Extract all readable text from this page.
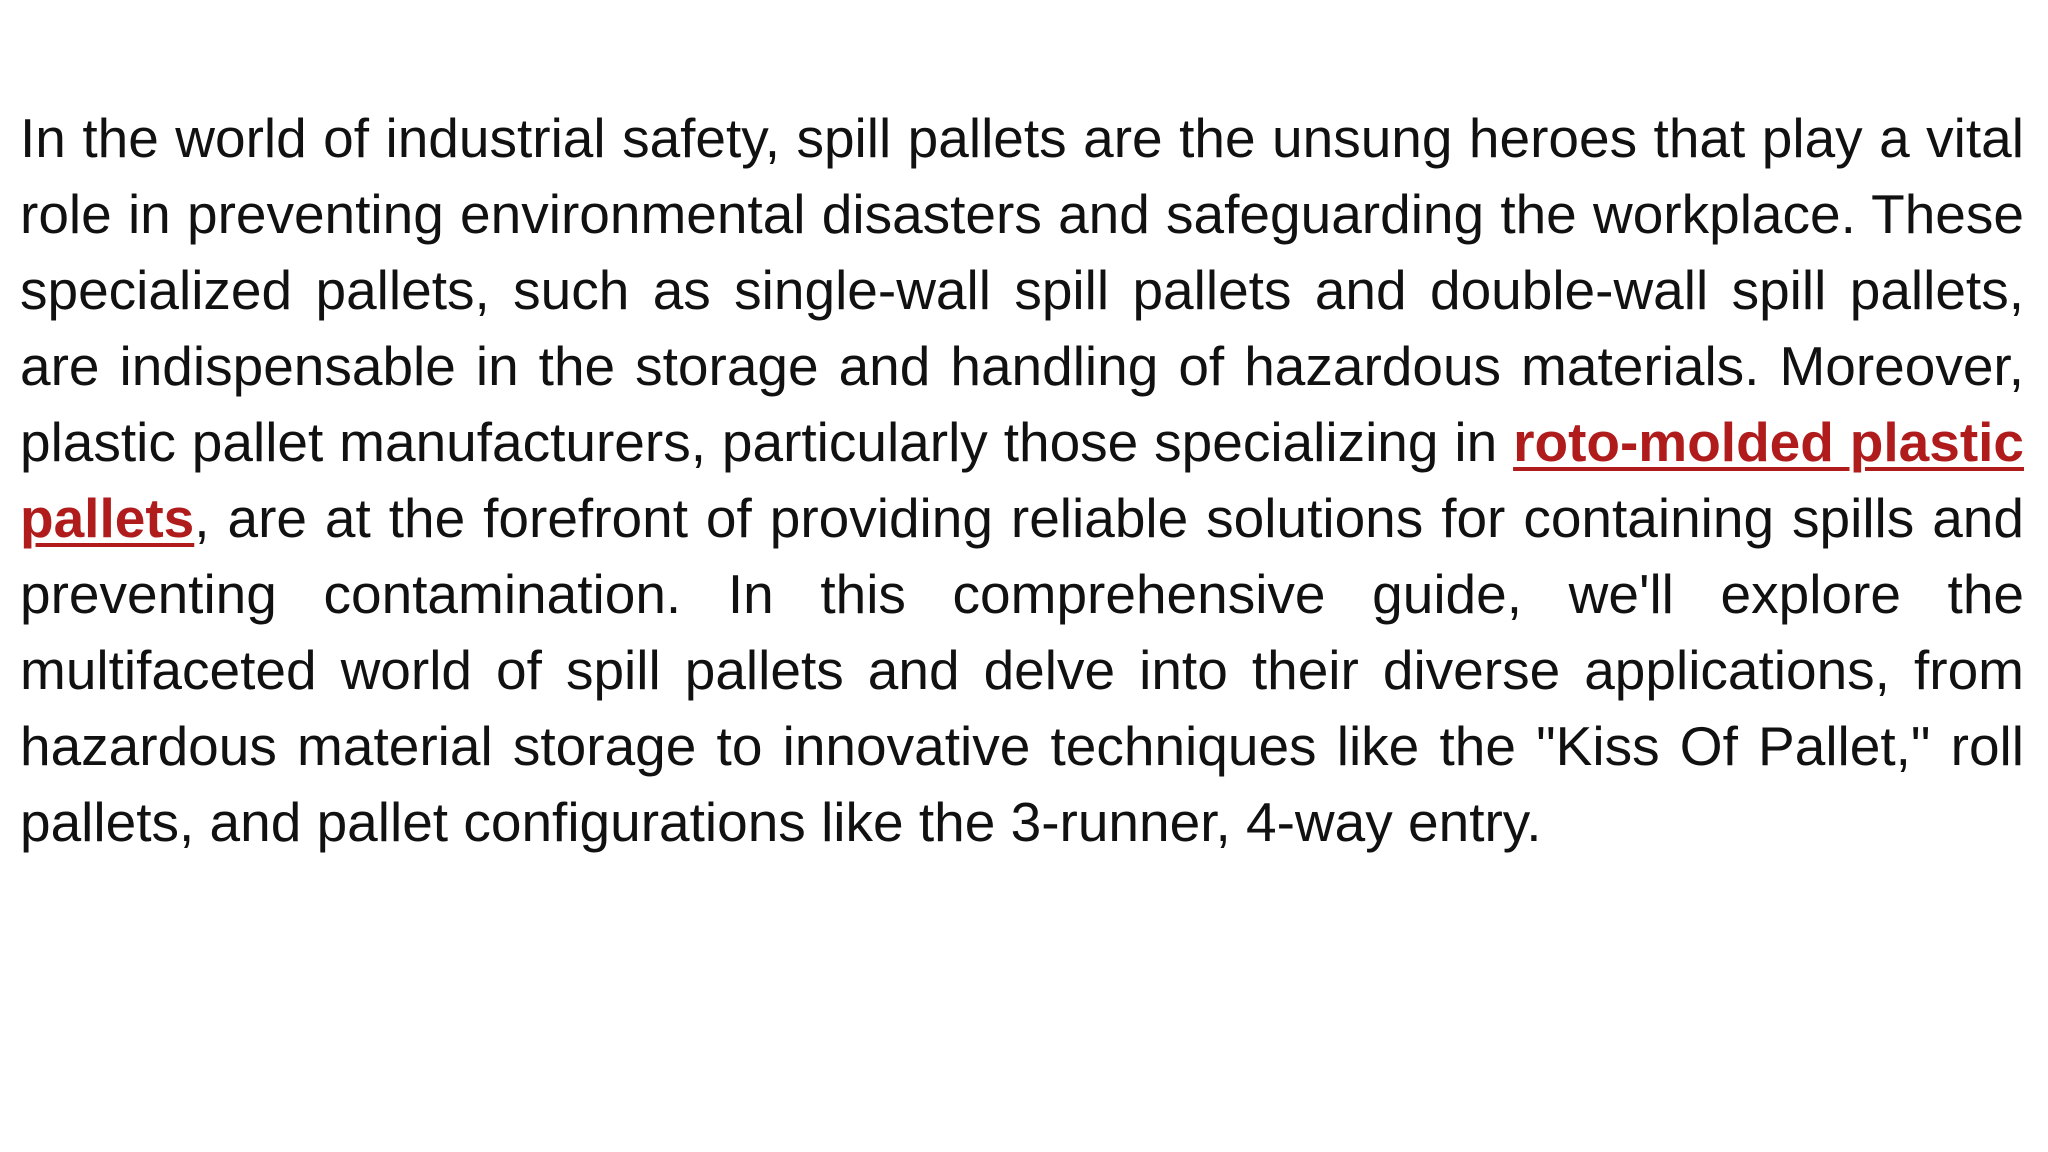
In the world of industrial safety, spill pallets are the unsung heroes that play a vital role in preventing environmental disasters and safeguarding the workplace. These specialized pallets, such as single-wall spill pallets and double-wall spill pallets, are indispensable in the storage and handling of hazardous materials. Moreover, plastic pallet manufacturers, particularly those specializing in roto-molded plastic pallets, are at the forefront of providing reliable solutions for containing spills and preventing contamination. In this comprehensive guide, we'll explore the multifaceted world of spill pallets and delve into their diverse applications, from hazardous material storage to innovative techniques like the "Kiss Of Pallet," roll pallets, and pallet configurations like the 3-runner, 4-way entry.
